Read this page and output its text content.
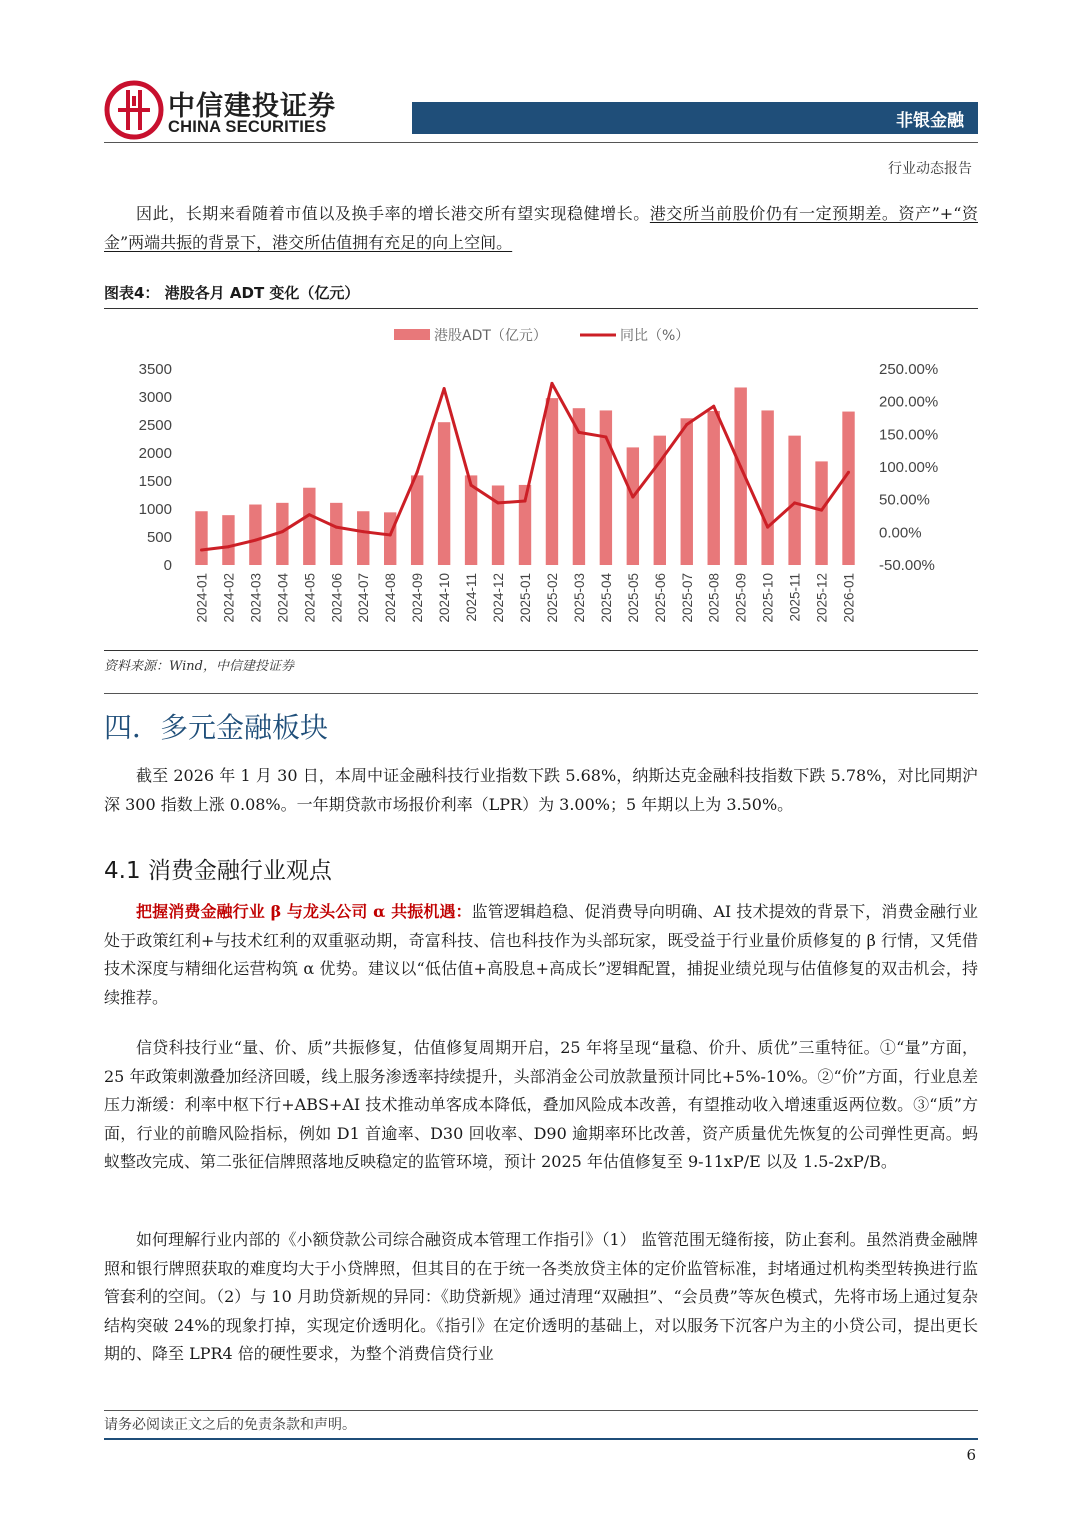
中信建投证券
CHINA SECURITIES	非银金融
行业动态报告

因此，长期来看随着市值以及换手率的增长港交所有望实现稳健增长。港交所当前股价仍有一定预期差。资产”+“资金”两端共振的背景下，港交所估值拥有充足的向上空间。

图表4： 港股各月 ADT 变化（亿元）
港股ADT（亿元）	同比（%）
0
500
1000
1500
2000
2500
3000
3500
-50.00%
0.00%
50.00%
100.00%
150.00%
200.00%
250.00%
2024-01 2024-02 2024-03 2024-04 2024-05 2024-06 2024-07 2024-08 2024-09 2024-10 2024-11 2024-12 2025-01 2025-02 2025-03 2025-04 2025-05 2025-06 2025-07 2025-08 2025-09 2025-10 2025-11 2025-12 2026-01
资料来源：Wind，中信建投证券
四．多元金融板块

截至 2026 年 1 月 30 日，本周中证金融科技行业指数下跌 5.68%，纳斯达克金融科技指数下跌 5.78%，对比同期沪深 300 指数上涨 0.08%。一年期贷款市场报价利率（LPR）为 3.00%；5 年期以上为 3.50%。

4.1 消费金融行业观点

把握消费金融行业 β 与龙头公司 α 共振机遇：监管逻辑趋稳、促消费导向明确、AI 技术提效的背景下，消费金融行业处于政策红利+与技术红利的双重驱动期，奇富科技、信也科技作为头部玩家，既受益于行业量价质修复的 β 行情，又凭借技术深度与精细化运营构筑 α 优势。建议以“低估值+高股息+高成长”逻辑配置，捕捉业绩兑现与估值修复的双击机会，持续推荐。

信贷科技行业“量、价、质”共振修复，估值修复周期开启，25 年将呈现“量稳、价升、质优”三重特征。①“量”方面，25 年政策刺激叠加经济回暖，线上服务渗透率持续提升，头部消金公司放款量预计同比+5%-10%。②“价”方面，行业息差压力渐缓：利率中枢下行+ABS+AI 技术推动单客成本降低，叠加风险成本改善，有望推动收入增速重返两位数。③“质”方面，行业的前瞻风险指标，例如 D1 首逾率、D30 回收率、D90 逾期率环比改善，资产质量优先恢复的公司弹性更高。蚂蚁整改完成、第二张征信牌照落地反映稳定的监管环境，预计 2025 年估值修复至 9-11xP/E 以及 1.5-2xP/B。

如何理解行业内部的《小额贷款公司综合融资成本管理工作指引》（1） 监管范围无缝衔接，防止套利。虽然消费金融牌照和银行牌照获取的难度均大于小贷牌照，但其目的在于统一各类放贷主体的定价监管标准，封堵通过机构类型转换进行监管套利的空间。（2）与 10 月助贷新规的异同：《助贷新规》通过清理“双融担”、“会员费”等灰色模式，先将市场上通过复杂结构突破 24%的现象打掉，实现定价透明化。《指引》在定价透明的基础上，对以服务下沉客户为主的小贷公司，提出更长期的、降至 LPR4 倍的硬性要求，为整个消费信贷行业

请务必阅读正文之后的免责条款和声明。
6
